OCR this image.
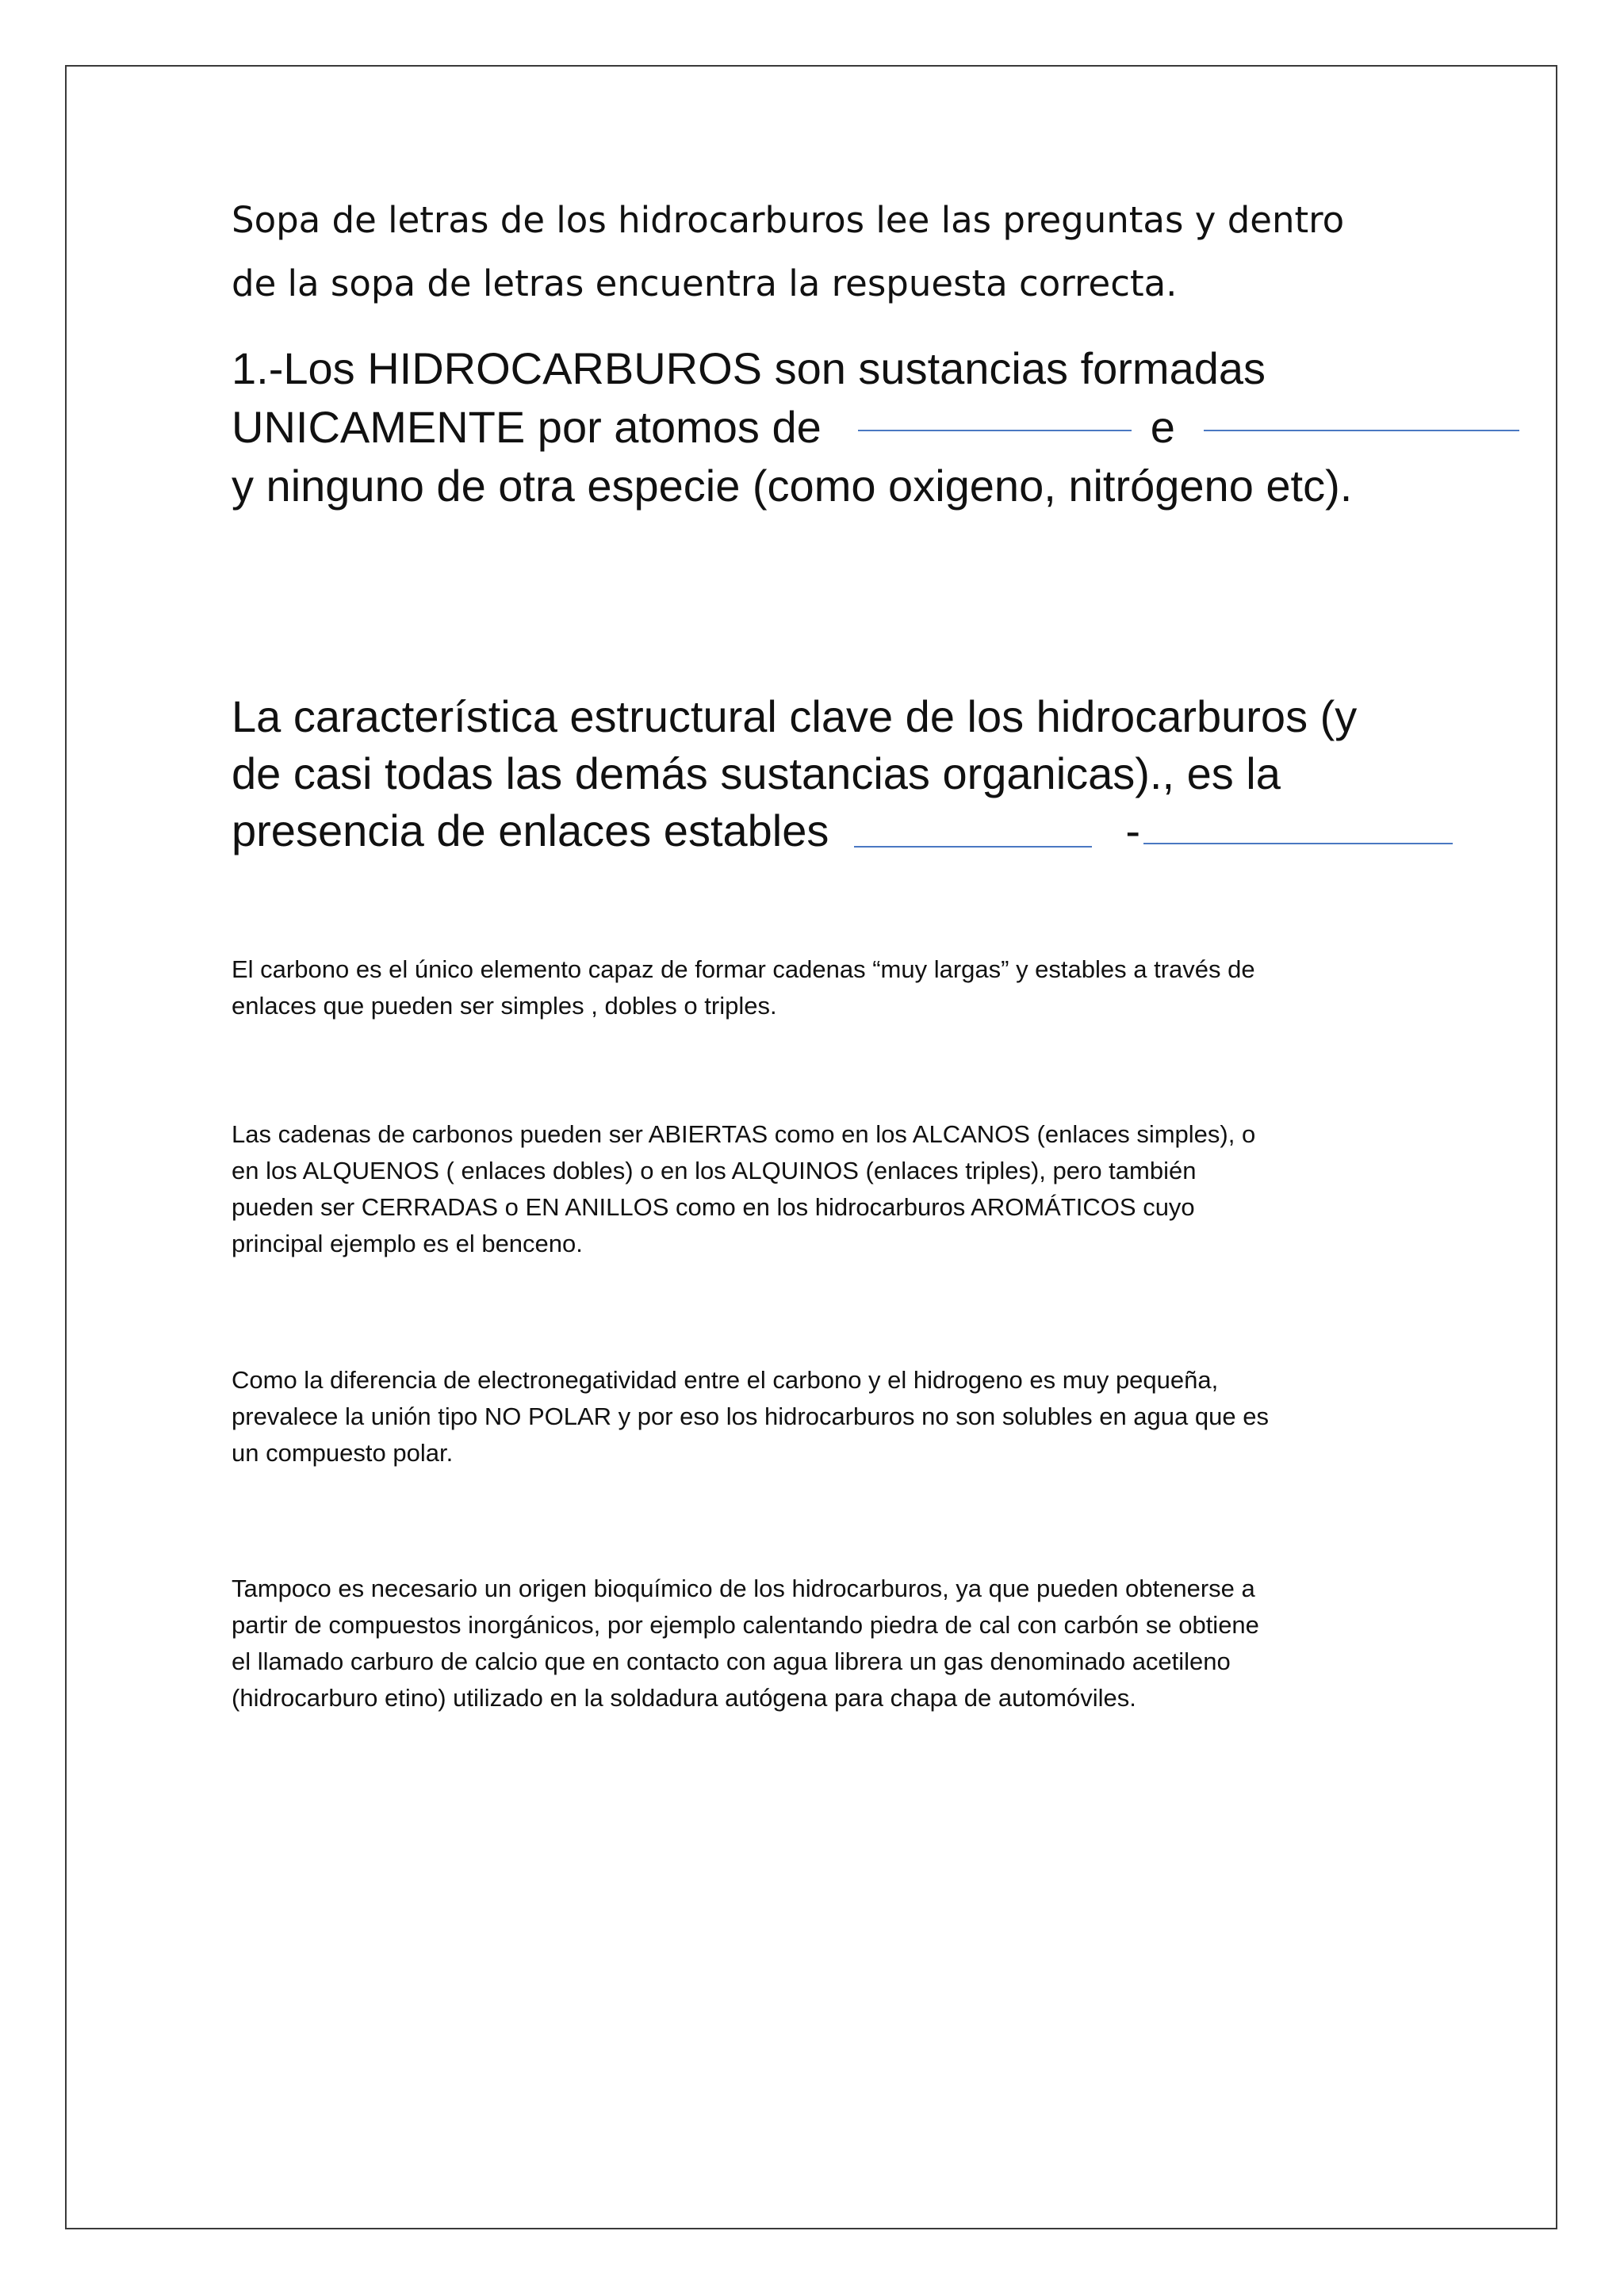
Sopa de letras de los hidrocarburos lee las preguntas y dentro
de la sopa de letras encuentra la respuesta correcta.

1.-Los HIDROCARBUROS son sustancias formadas
UNICAMENTE por atomos de	e
y ninguno de otra especie (como oxigeno, nitrógeno etc).
La característica estructural clave de los hidrocarburos (y
de casi todas las demás sustancias organicas)., es la
presencia de enlaces estables	-

El carbono es el único elemento capaz de formar cadenas “muy largas” y estables a través de
enlaces que pueden ser simples , dobles o triples.

Las cadenas de carbonos pueden ser ABIERTAS como en los ALCANOS (enlaces simples), o
en los ALQUENOS ( enlaces dobles) o en los ALQUINOS (enlaces triples), pero también
pueden ser CERRADAS o EN ANILLOS como en los hidrocarburos AROMÁTICOS cuyo
principal ejemplo es el benceno.

Como la diferencia de electronegatividad entre el carbono y el hidrogeno es muy pequeña,
prevalece la unión tipo NO POLAR y por eso los hidrocarburos no son solubles en agua que es
un compuesto polar.

Tampoco es necesario un origen bioquímico de los hidrocarburos, ya que pueden obtenerse a
partir de compuestos inorgánicos, por ejemplo calentando piedra de cal con carbón se obtiene
el llamado carburo de calcio que en contacto con agua librera un gas denominado acetileno
(hidrocarburo etino) utilizado en la soldadura autógena para chapa de automóviles.
